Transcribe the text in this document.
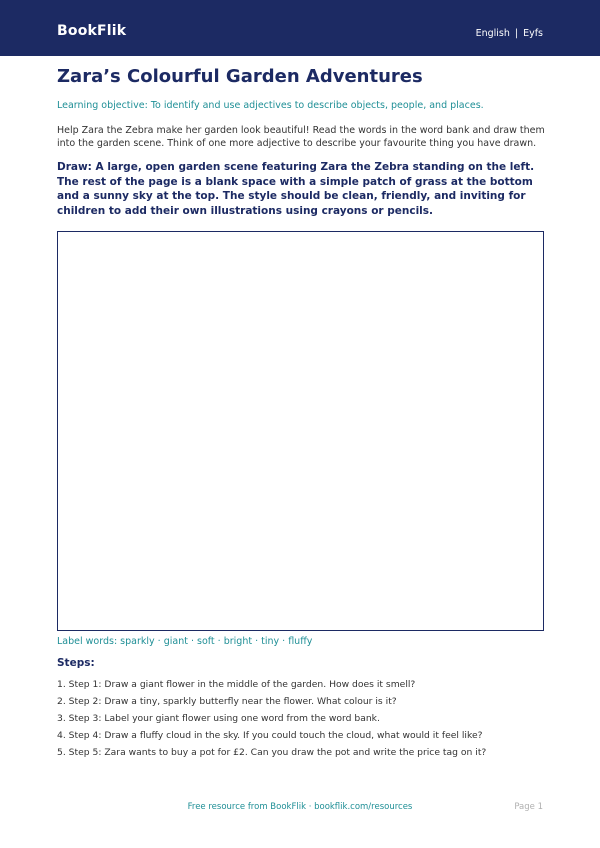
BookFlik	English | Eyfs
Zara’s Colourful Garden Adventures

Learning objective: To identify and use adjectives to describe objects, people, and places.

Help Zara the Zebra make her garden look beautiful! Read the words in the word bank and draw them into the garden scene. Think of one more adjective to describe your favourite thing you have drawn.

Draw: A large, open garden scene featuring Zara the Zebra standing on the left. The rest of the page is a blank space with a simple patch of grass at the bottom and a sunny sky at the top. The style should be clean, friendly, and inviting for children to add their own illustrations using crayons or pencils.

Label words: sparkly · giant · soft · bright · tiny · fluffy

Steps:
1. Step 1: Draw a giant flower in the middle of the garden. How does it smell?
2. Step 2: Draw a tiny, sparkly butterfly near the flower. What colour is it?
3. Step 3: Label your giant flower using one word from the word bank.
4. Step 4: Draw a fluffy cloud in the sky. If you could touch the cloud, what would it feel like?
5. Step 5: Zara wants to buy a pot for £2. Can you draw the pot and write the price tag on it?
Free resource from BookFlik · bookflik.com/resources	Page 1
